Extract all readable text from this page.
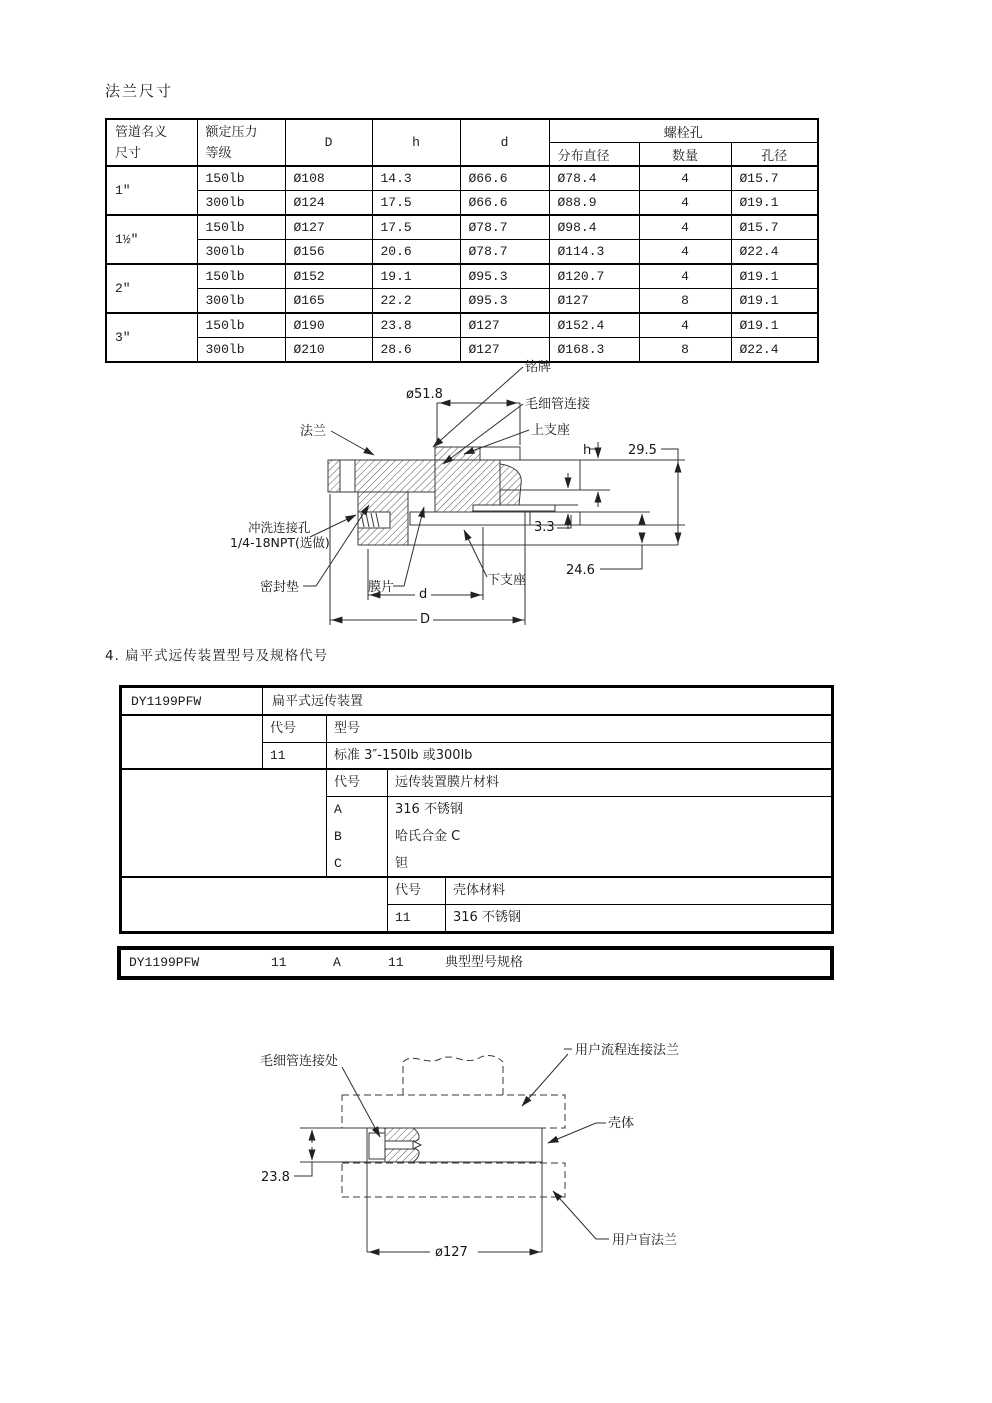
法兰尺寸
管道名义
尺寸

额定压力
等级
	D	h	d	螺栓孔
					分布直径	数量	孔径
1″	150lb	Ø108	14.3	Ø66.6	Ø78.4	4	Ø15.7
	300lb	Ø124	17.5	Ø66.6	Ø88.9	4	Ø19.1
1½″	150lb	Ø127	17.5	Ø78.7	Ø98.4	4	Ø15.7
	300lb	Ø156	20.6	Ø78.7	Ø114.3	4	Ø22.4
2″	150lb	Ø152	19.1	Ø95.3	Ø120.7	4	Ø19.1
	300lb	Ø165	22.2	Ø95.3	Ø127	8	Ø19.1
3″	150lb	Ø190	23.8	Ø127	Ø152.4	4	Ø19.1
	300lb	Ø210	28.6	Ø127	Ø168.3	8	Ø22.4
铭牌
毛细管连接
上支座
法兰
ø51.8
h	29.5
3.3
24.6
冲洗连接孔
1/4-18NPT(选做)
密封垫	膜片	下支座
d
D
4. 扁平式远传装置型号及规格代号
DY1199PFW	扁平式远传装置
代号	型号
11	标准 3″-150lb 或300lb
代号	远传装置膜片材料
A	316 不锈钢
B	哈氏合金 C
C	钽
代号 壳体材料
11	316 不锈钢
DY1199PFW	11	A	11	典型型号规格
毛细管连接处
用户流程连接法兰
壳体
用户盲法兰
23.8
ø127
